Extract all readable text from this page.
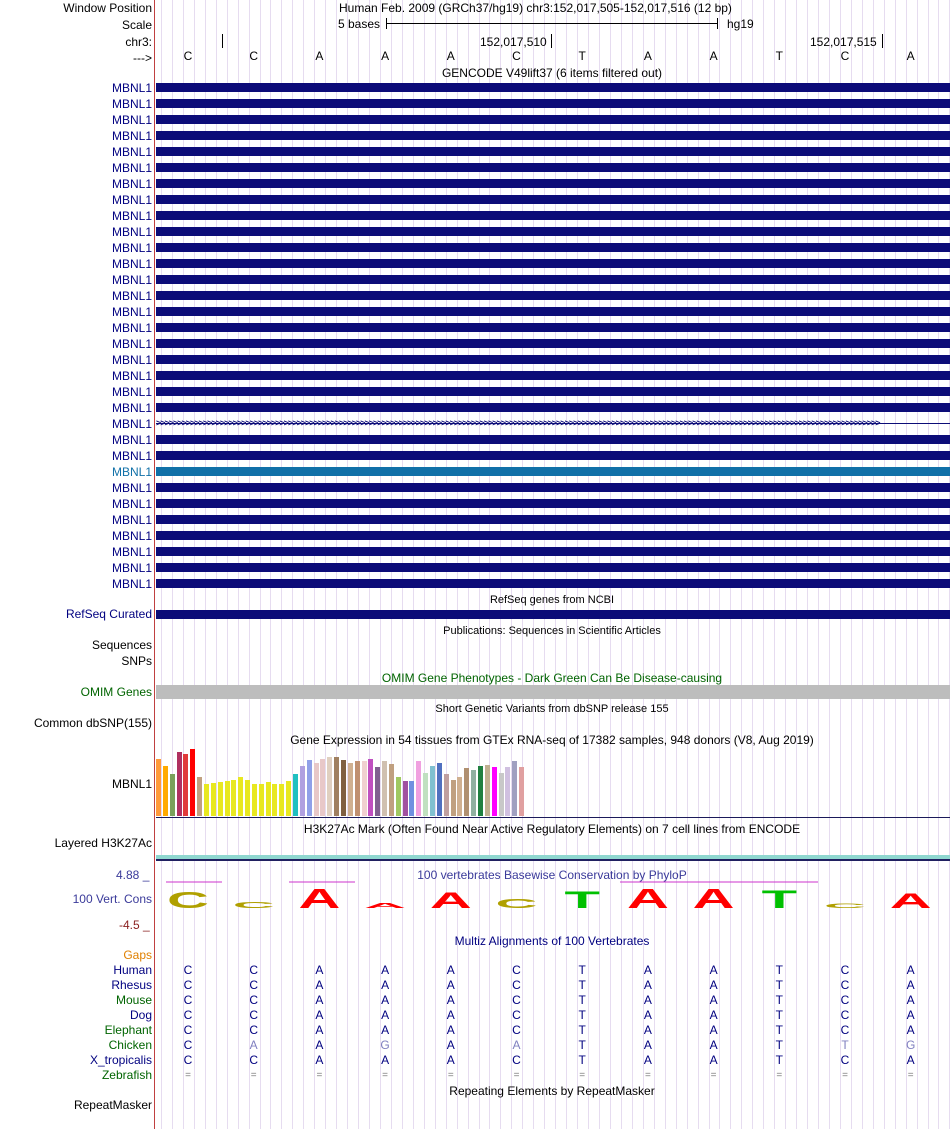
Window Position	Human Feb. 2009 (GRCh37/hg19) chr3:152,017,505-152,017,516 (12 bp)
Scale	5 bases	hg19
chr3:	152,017,510	152,017,515
--->	C	C	A	A	A	C	T	A	A	T	C	A
GENCODE V49lift37 (6 items filtered out)
MBNL1
MBNL1
MBNL1
MBNL1
MBNL1
MBNL1
MBNL1
MBNL1
MBNL1
MBNL1
MBNL1
MBNL1
MBNL1
MBNL1
MBNL1
MBNL1
MBNL1
MBNL1
MBNL1
MBNL1
MBNL1
MBNL1 >>>>>>>>>>>>>>>>>>>>>>>>>>>>>>>>>>>>>>>>>>>>>>>>>>>>>>>>>>>>>>>>>>>>>>>>>>>>>>>>>>>>>>>>>>>>>>>>>>>>>>>>>>>>>>>>>>>>>>>>>>>>>>>>>>>>>>>>>>>>>>>>>>>>>>>>>>>>>>>>>>>>>>>>>>
MBNL1
MBNL1
MBNL1
MBNL1
MBNL1
MBNL1
MBNL1
MBNL1
MBNL1
MBNL1
RefSeq genes from NCBI
RefSeq Curated
Publications: Sequences in Scientific Articles
Sequences
SNPs
OMIM Gene Phenotypes - Dark Green Can Be Disease-causing
OMIM Genes
Short Genetic Variants from dbSNP release 155
Common dbSNP(155)
Gene Expression in 54 tissues from GTEx RNA-seq of 17382 samples, 948 donors (V8, Aug 2019)
MBNL1
H3K27Ac Mark (Often Found Near Active Regulatory Elements) on 7 cell lines from ENCODE
Layered H3K27Ac
100 vertebrates Basewise Conservation by PhyloP
100 Vert. Cons
4.88 _
-4.5 _
C C A A A C T A A T C A
Multiz Alignments of 100 Vertebrates
Gaps
Human	C	C	A	A	A	C	T	A	A	T	C	A
Rhesus	C	C	A	A	A	C	T	A	A	T	C	A
Mouse	C	C	A	A	A	C	T	A	A	T	C	A
Dog	C	C	A	A	A	C	T	A	A	T	C	A
Elephant	C	C	A	A	A	C	T	A	A	T	C	A
Chicken	C	A	A	G	A	A	T	A	A	T	T	G
X_tropicalis	C	C	A	A	A	C	T	A	A	T	C	A
Zebrafish	=	=	=	=	=	=	=	=	=	=	=	=
Repeating Elements by RepeatMasker
RepeatMasker
